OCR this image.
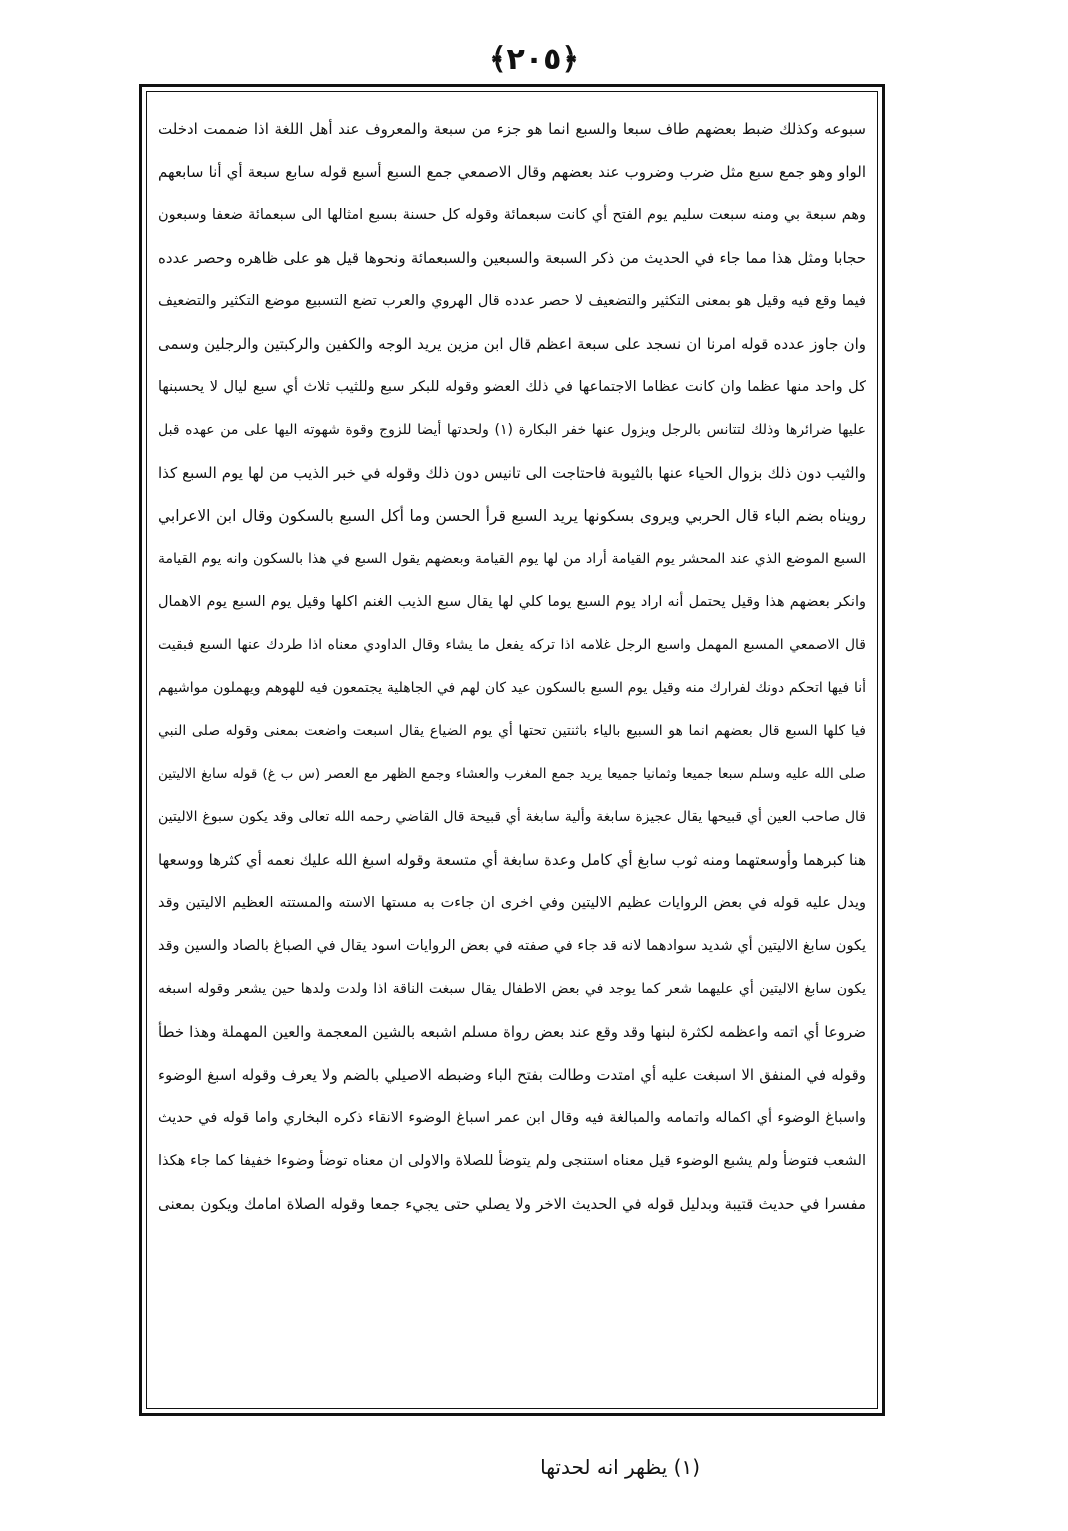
﴿٢٠٥﴾
سبوعه وكذلك ضبط بعضهم طاف سبعا والسبع انما هو جزء من سبعة والمعروف عند أهل اللغة اذا ضممت ادخلت
الواو وهو جمع سبع مثل ضرب وضروب عند بعضهم وقال الاصمعي جمع السبع أسبع قوله سابع سبعة أي أنا سابعهم
وهم سبعة بي ومنه سبعت سليم يوم الفتح أي كانت سبعمائة وقوله كل حسنة بسبع امثالها الى سبعمائة ضعفا وسبعون
حجابا ومثل هذا مما جاء في الحديث من ذكر السبعة والسبعين والسبعمائة ونحوها قيل هو على ظاهره وحصر عدده
فيما وقع فيه وقيل هو بمعنى التكثير والتضعيف لا حصر عدده قال الهروي والعرب تضع التسبيع موضع التكثير والتضعيف
وان جاوز عدده قوله امرنا ان نسجد على سبعة اعظم قال ابن مزين يريد الوجه والكفين والركبتين والرجلين وسمى
كل واحد منها عظما وان كانت عظاما الاجتماعها في ذلك العضو وقوله للبكر سبع وللثيب ثلاث أي سبع ليال لا يحسبنها
عليها ضرائرها وذلك لتتانس بالرجل ويزول عنها خفر البكارة (١) ولحدتها أيضا للزوج وقوة شهوته اليها على من عهده قبل
والثيب دون ذلك بزوال الحياء عنها بالثيوبة فاحتاجت الى تانيس دون ذلك وقوله في خبر الذيب من لها يوم السبع كذا
رويناه بضم الباء قال الحربي ويروى بسكونها يريد السبع قرأ الحسن وما أكل السبع بالسكون وقال ابن الاعرابي
السبع الموضع الذي عند المحشر يوم القيامة أراد من لها يوم القيامة وبعضهم يقول السبع في هذا بالسكون وانه يوم القيامة
وانكر بعضهم هذا وقيل يحتمل أنه اراد يوم السبع يوما كلي لها يقال سبع الذيب الغنم اكلها وقيل يوم السبع يوم الاهمال
قال الاصمعي المسبع المهمل واسبع الرجل غلامه اذا تركه يفعل ما يشاء وقال الداودي معناه اذا طردك عنها السبع فبقيت
أنا فيها اتحكم دونك لفرارك منه وقيل يوم السبع بالسكون عيد كان لهم في الجاهلية يجتمعون فيه للهوهم ويهملون مواشيهم
فيا كلها السبع قال بعضهم انما هو السبيع بالياء باثنتين تحتها أي يوم الضياع يقال اسبعت واضعت بمعنى وقوله صلى النبي
صلى الله عليه وسلم سبعا جميعا وثمانيا جميعا يريد جمع المغرب والعشاء وجمع الظهر مع العصر (س ب غ) قوله سابغ الاليتين
قال صاحب العين أي قبيحها يقال عجيزة سابغة وألية سابغة أي قبيحة قال القاضي رحمه الله تعالى وقد يكون سبوغ الاليتين
هنا كبرهما وأوسعتهما ومنه ثوب سابغ أي كامل وعدة سابغة أي متسعة وقوله اسبغ الله عليك نعمه أي كثرها ووسعها
ويدل عليه قوله في بعض الروايات عظيم الاليتين وفي اخرى ان جاءت به مستها الاسته والمستته العظيم الاليتين وقد
يكون سابغ الاليتين أي شديد سوادهما لانه قد جاء في صفته في بعض الروايات اسود يقال في الصباغ بالصاد والسين وقد
يكون سابغ الاليتين أي عليهما شعر كما يوجد في بعض الاطفال يقال سبغت الناقة اذا ولدت ولدها حين يشعر وقوله اسبغه
ضروعا أي اتمه واعظمه لكثرة لبنها وقد وقع عند بعض رواة مسلم اشبعه بالشين المعجمة والعين المهملة وهذا خطأ
وقوله في المنفق الا اسبغت عليه أي امتدت وطالت بفتح الباء وضبطه الاصيلي بالضم ولا يعرف وقوله اسبغ الوضوء
واسباغ الوضوء أي اكماله واتمامه والمبالغة فيه وقال ابن عمر اسباغ الوضوء الانقاء ذكره البخاري واما قوله في حديث
الشعب فتوضأ ولم يشبع الوضوء قيل معناه استنجى ولم يتوضأ للصلاة والاولى ان معناه توضأ وضوءا خفيفا كما جاء هكذا
مفسرا في حديث قتيبة وبدليل قوله في الحديث الاخر ولا يصلي حتى يجيء جمعا وقوله الصلاة امامك ويكون بمعنى
(١) يظهر انه لحدتها
